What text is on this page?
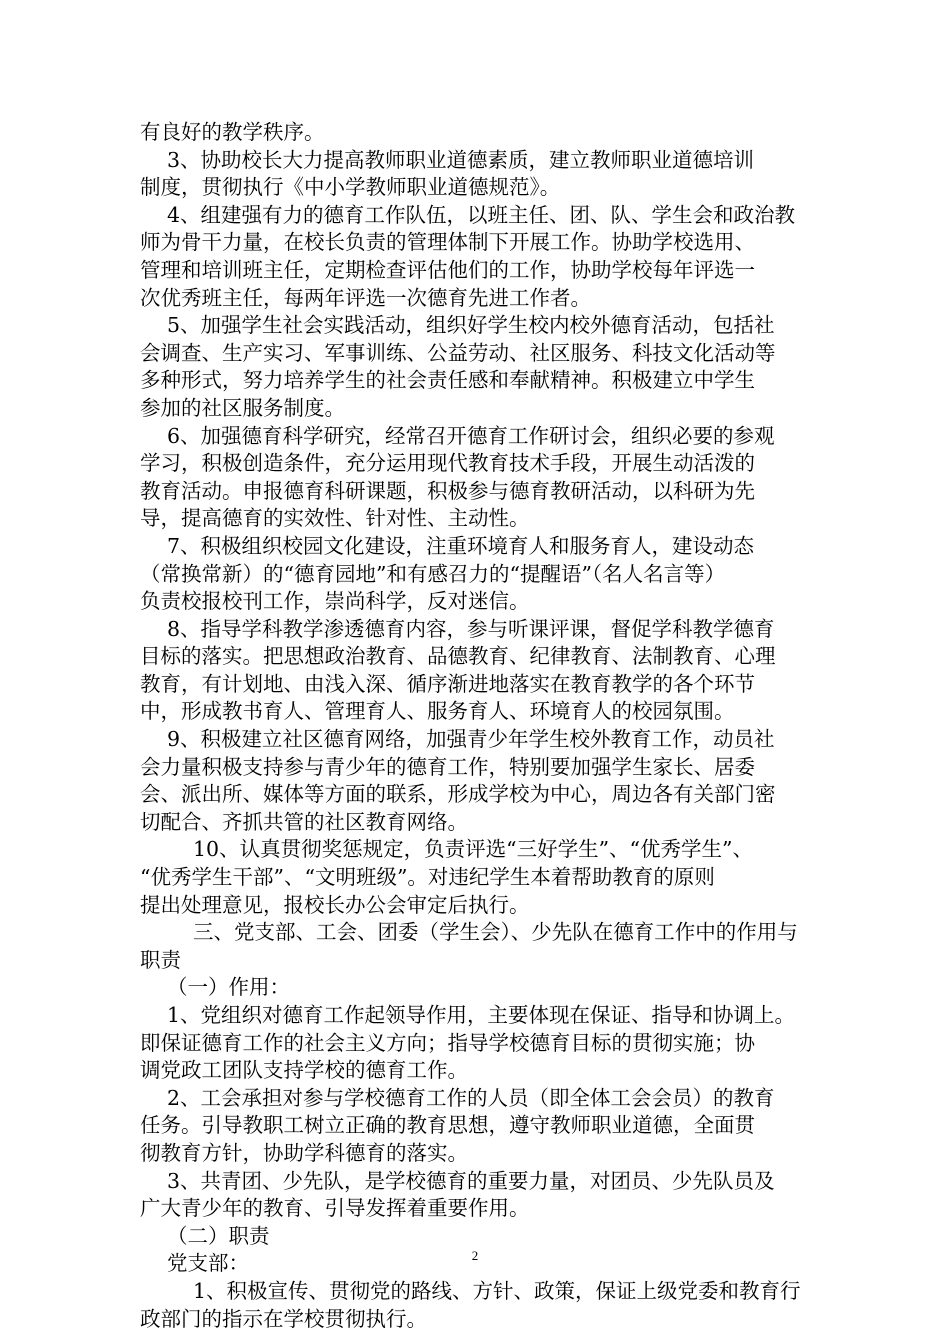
有良好的教学秩序。
3、协助校长大力提高教师职业道德素质，建立教师职业道德培训
制度，贯彻执行《中小学教师职业道德规范》。
4、组建强有力的德育工作队伍，以班主任、团、队、学生会和政治教
师为骨干力量，在校长负责的管理体制下开展工作。协助学校选用、
管理和培训班主任，定期检查评估他们的工作，协助学校每年评选一
次优秀班主任，每两年评选一次德育先进工作者。
5、加强学生社会实践活动，组织好学生校内校外德育活动，包括社
会调查、生产实习、军事训练、公益劳动、社区服务、科技文化活动等
多种形式，努力培养学生的社会责任感和奉献精神。积极建立中学生
参加的社区服务制度。
6、加强德育科学研究，经常召开德育工作研讨会，组织必要的参观
学习，积极创造条件，充分运用现代教育技术手段，开展生动活泼的
教育活动。申报德育科研课题，积极参与德育教研活动，以科研为先
导，提高德育的实效性、针对性、主动性。
7、积极组织校园文化建设，注重环境育人和服务育人，建设动态
（常换常新）的“德育园地”和有感召力的“提醒语”（名人名言等）
负责校报校刊工作，崇尚科学，反对迷信。
8、指导学科教学渗透德育内容，参与听课评课，督促学科教学德育
目标的落实。把思想政治教育、品德教育、纪律教育、法制教育、心理
教育，有计划地、由浅入深、循序渐进地落实在教育教学的各个环节
中，形成教书育人、管理育人、服务育人、环境育人的校园氛围。
9、积极建立社区德育网络，加强青少年学生校外教育工作，动员社
会力量积极支持参与青少年的德育工作，特别要加强学生家长、居委
会、派出所、媒体等方面的联系，形成学校为中心，周边各有关部门密
切配合、齐抓共管的社区教育网络。
10、认真贯彻奖惩规定，负责评选“三好学生”、“优秀学生”、
“优秀学生干部”、“文明班级”。对违纪学生本着帮助教育的原则
提出处理意见，报校长办公会审定后执行。
三、党支部、工会、团委（学生会）、少先队在德育工作中的作用与
职责
（一）作用：
1、党组织对德育工作起领导作用，主要体现在保证、指导和协调上。
即保证德育工作的社会主义方向；指导学校德育目标的贯彻实施；协
调党政工团队支持学校的德育工作。
2、工会承担对参与学校德育工作的人员（即全体工会会员）的教育
任务。引导教职工树立正确的教育思想，遵守教师职业道德，全面贯
彻教育方针，协助学科德育的落实。
3、共青团、少先队，是学校德育的重要力量，对团员、少先队员及
广大青少年的教育、引导发挥着重要作用。
（二）职责
党支部：
1、积极宣传、贯彻党的路线、方针、政策，保证上级党委和教育行
政部门的指示在学校贯彻执行。
2
